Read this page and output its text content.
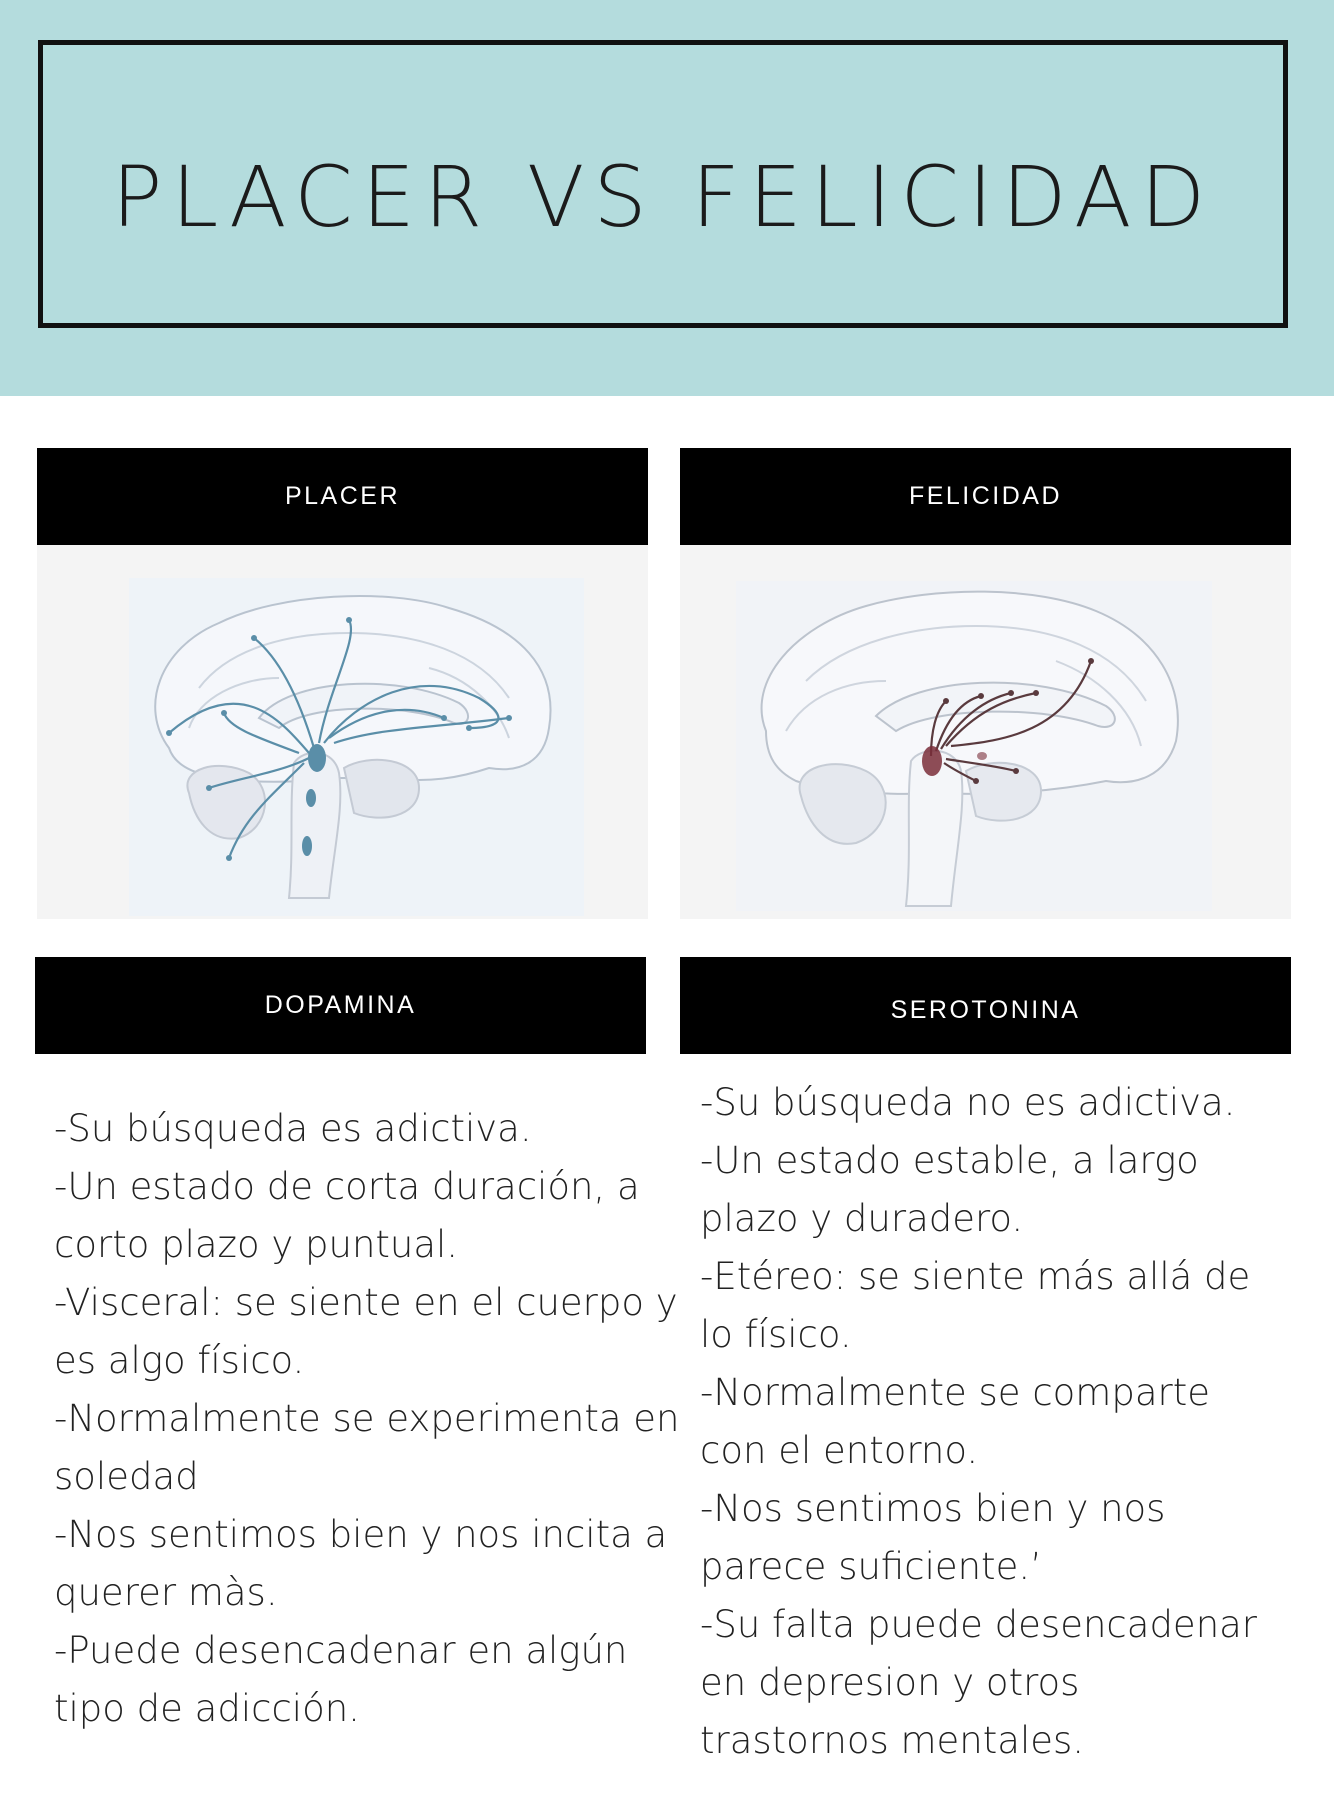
PLACER VS FELICIDAD
PLACER
DOPAMINA
-Su búsqueda es adictiva.
-Un estado de corta duración, a
corto plazo y puntual.
-Visceral: se siente en el cuerpo y
es algo físico.
-Normalmente se experimenta en
soledad
-Nos sentimos bien y nos incita a
querer màs.
-Puede desencadenar en algún
tipo de adicción.
FELICIDAD
SEROTONINA
-Su búsqueda no es adictiva.
-Un estado estable, a largo
plazo y duradero.
-Etéreo: se siente más allá de
lo físico.
-Normalmente se comparte
con el entorno.
-Nos sentimos bien y nos
parece suficiente.’
-Su falta puede desencadenar
en depresion y otros
trastornos mentales.
